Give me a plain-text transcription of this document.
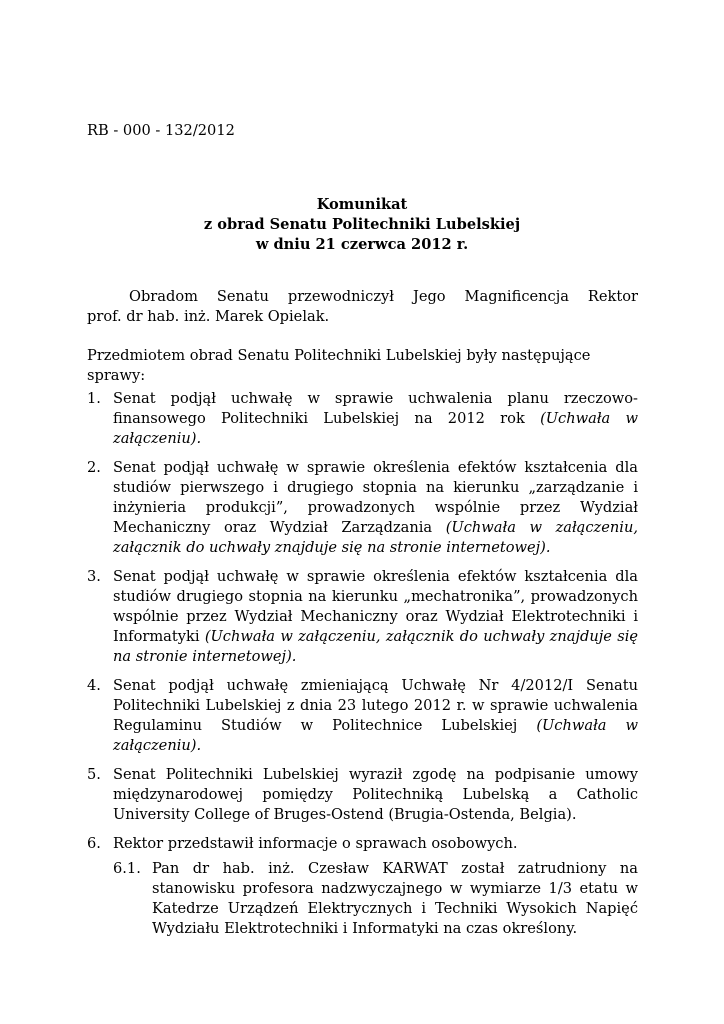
RB - 000 - 132/2012

Komunikat
z obrad Senatu Politechniki Lubelskiej
w dniu 21 czerwca 2012 r.
Obradom Senatu przewodniczył Jego Magnificencja Rektor
prof. dr hab. inż. Marek Opielak.

Przedmiotem obrad Senatu Politechniki Lubelskiej były następujące sprawy:

1. Senat podjął uchwałę w sprawie uchwalenia planu rzeczowo-finansowego Politechniki Lubelskiej na 2012 rok (Uchwała w załączeniu).
2. Senat podjął uchwałę w sprawie określenia efektów kształcenia dla studiów pierwszego i drugiego stopnia na kierunku „zarządzanie i inżynieria produkcji”, prowadzonych wspólnie przez Wydział Mechaniczny oraz Wydział Zarządzania (Uchwała w załączeniu, załącznik do uchwały znajduje się na stronie internetowej).
3. Senat podjął uchwałę w sprawie określenia efektów kształcenia dla studiów drugiego stopnia na kierunku „mechatronika”, prowadzonych wspólnie przez Wydział Mechaniczny oraz Wydział Elektrotechniki i Informatyki (Uchwała w załączeniu, załącznik do uchwały znajduje się na stronie internetowej).
4. Senat podjął uchwałę zmieniającą Uchwałę Nr 4/2012/I Senatu Politechniki Lubelskiej z dnia 23 lutego 2012 r. w sprawie uchwalenia Regulaminu Studiów w Politechnice Lubelskiej (Uchwała w załączeniu).
5. Senat Politechniki Lubelskiej wyraził zgodę na podpisanie umowy międzynarodowej pomiędzy Politechniką Lubelską a Catholic University College of Bruges-Ostend (Brugia-Ostenda, Belgia).
6. Rektor przedstawił informacje o sprawach osobowych.
6.1. Pan dr hab. inż. Czesław KARWAT został zatrudniony na stanowisku profesora nadzwyczajnego w wymiarze 1/3 etatu w Katedrze Urządzeń Elektrycznych i Techniki Wysokich Napięć Wydziału Elektrotechniki i Informatyki na czas określony.
